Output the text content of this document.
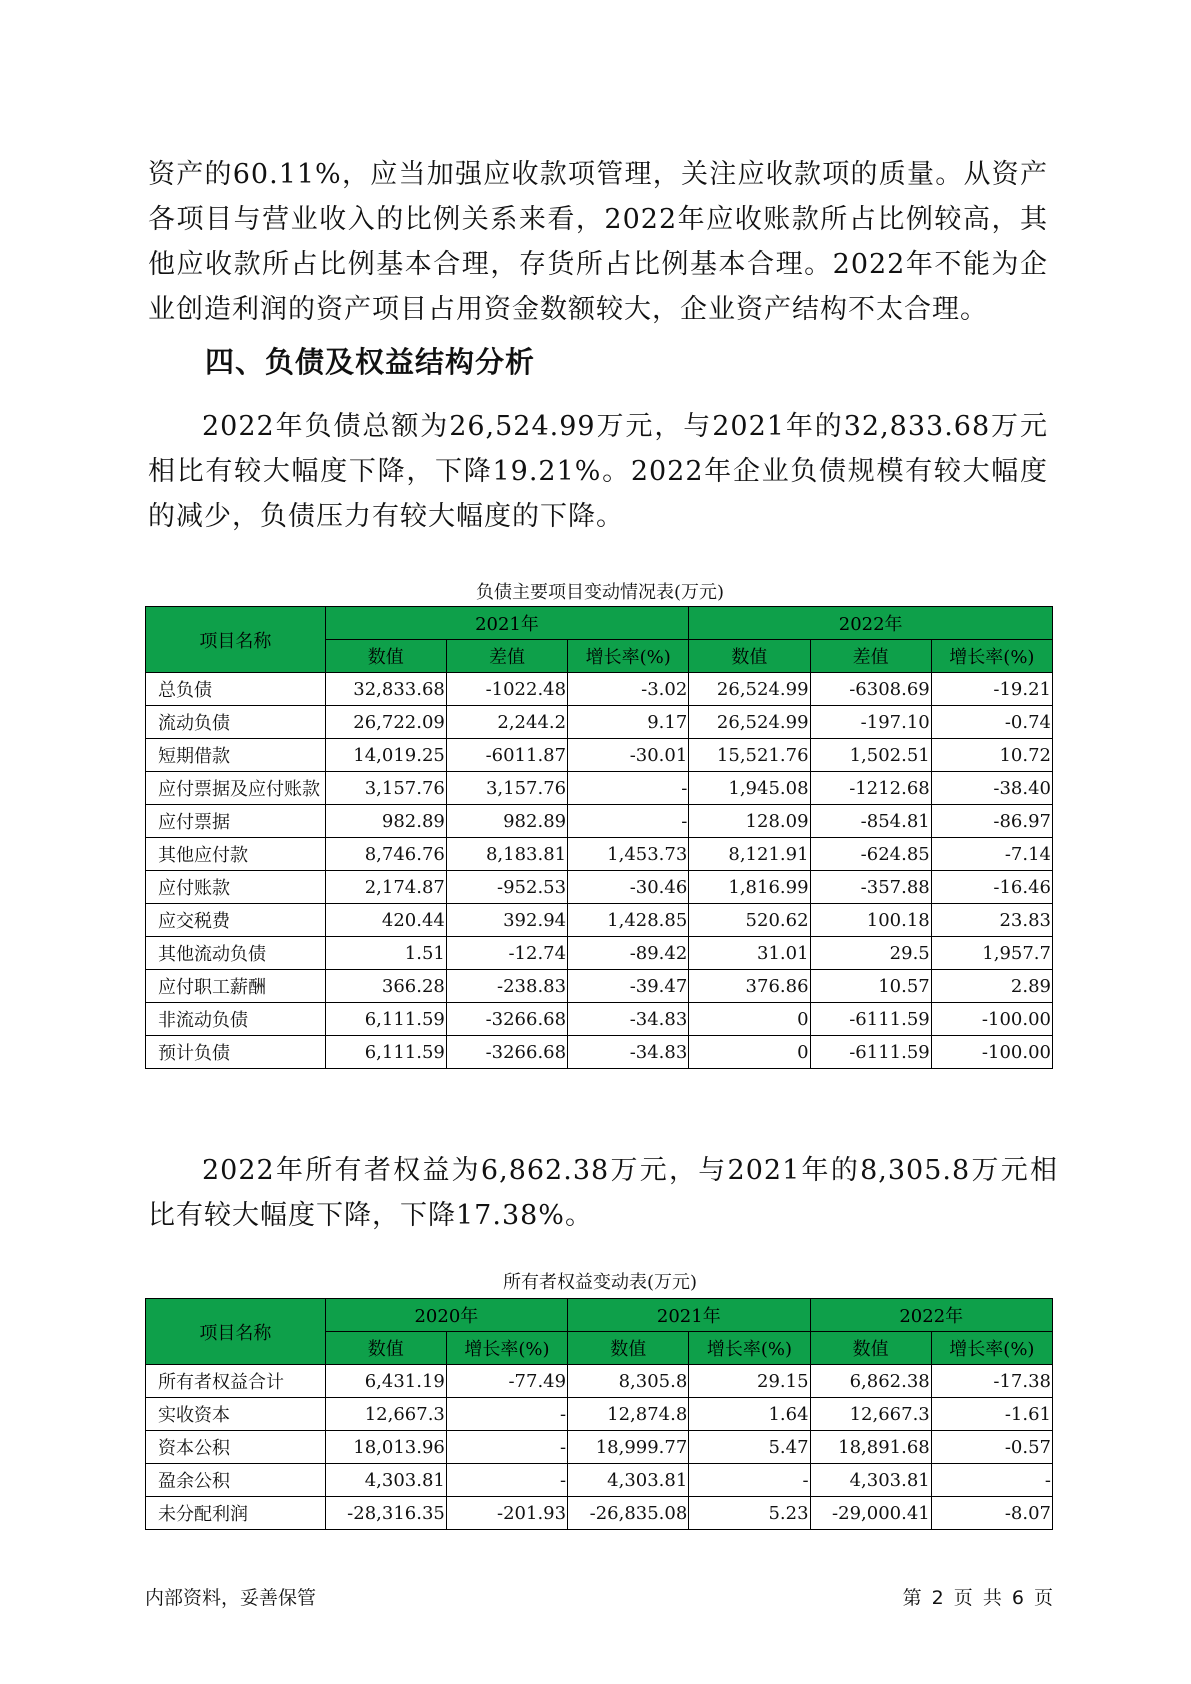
资产的60.11%，应当加强应收款项管理，关注应收款项的质量。从资产各项目与营业收入的比例关系来看，2022年应收账款所占比例较高，其他应收款所占比例基本合理，存货所占比例基本合理。2022年不能为企业创造利润的资产项目占用资金数额较大，企业资产结构不太合理。
四、负债及权益结构分析
2022年负债总额为26,524.99万元，与2021年的32,833.68万元相比有较大幅度下降，下降19.21%。2022年企业负债规模有较大幅度的减少，负债压力有较大幅度的下降。
负债主要项目变动情况表(万元)
项目名称	2021年			2022年		
	数值	差值	增长率(%)	数值	差值	增长率(%)
总负债	32,833.68	-1022.48	-3.02	26,524.99	-6308.69	-19.21
流动负债	26,722.09	2,244.2	9.17	26,524.99	-197.10	-0.74
短期借款	14,019.25	-6011.87	-30.01	15,521.76	1,502.51	10.72
应付票据及应付账款	3,157.76	3,157.76	-	1,945.08	-1212.68	-38.40
应付票据	982.89	982.89	-	128.09	-854.81	-86.97
其他应付款	8,746.76	8,183.81	1,453.73	8,121.91	-624.85	-7.14
应付账款	2,174.87	-952.53	-30.46	1,816.99	-357.88	-16.46
应交税费	420.44	392.94	1,428.85	520.62	100.18	23.83
其他流动负债	1.51	-12.74	-89.42	31.01	29.5	1,957.7
应付职工薪酬	366.28	-238.83	-39.47	376.86	10.57	2.89
非流动负债	6,111.59	-3266.68	-34.83	0	-6111.59	-100.00
预计负债	6,111.59	-3266.68	-34.83	0	-6111.59	-100.00
2022年所有者权益为6,862.38万元，与2021年的8,305.8万元相比有较大幅度下降，下降17.38%。
所有者权益变动表(万元)
项目名称	2020年		2021年		2022年	
	数值	增长率(%)	数值	增长率(%)	数值	增长率(%)
所有者权益合计	6,431.19	-77.49	8,305.8	29.15	6,862.38	-17.38
实收资本	12,667.3	-	12,874.8	1.64	12,667.3	-1.61
资本公积	18,013.96	-	18,999.77	5.47	18,891.68	-0.57
盈余公积	4,303.81	-	4,303.81	-	4,303.81	-
未分配利润	-28,316.35	-201.93	-26,835.08	5.23	-29,000.41	-8.07
内部资料，妥善保管	第 2 页 共 6 页
